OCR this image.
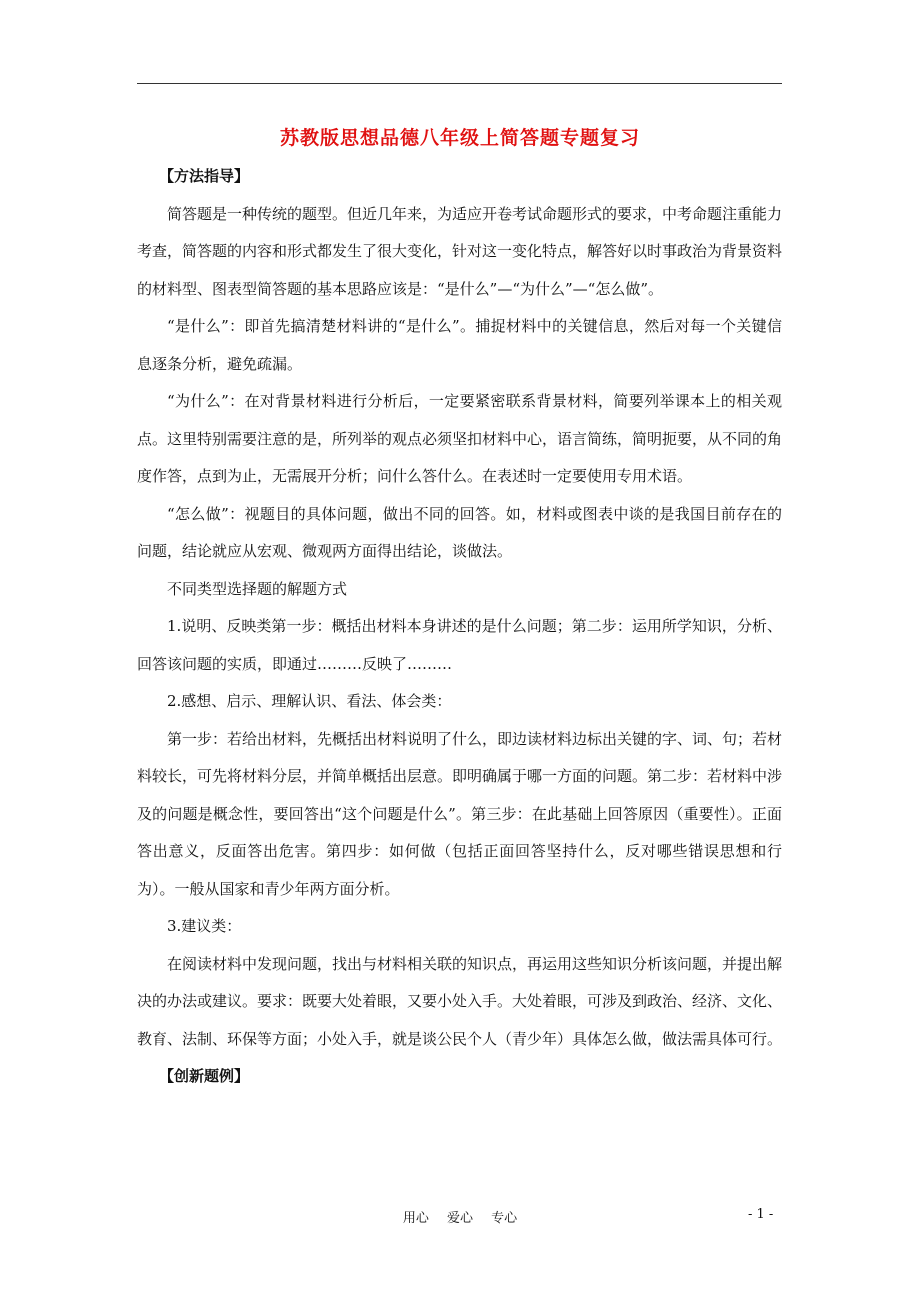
苏教版思想品德八年级上简答题专题复习

【方法指导】

简答题是一种传统的题型。但近几年来，为适应开卷考试命题形式的要求，中考命题注重能力考查，简答题的内容和形式都发生了很大变化，针对这一变化特点，解答好以时事政治为背景资料的材料型、图表型简答题的基本思路应该是：“是什么”—“为什么”—“怎么做”。

“是什么”：即首先搞清楚材料讲的“是什么”。捕捉材料中的关键信息，然后对每一个关键信息逐条分析，避免疏漏。

“为什么”：在对背景材料进行分析后，一定要紧密联系背景材料，简要列举课本上的相关观点。这里特别需要注意的是，所列举的观点必须坚扣材料中心，语言简练，简明扼要，从不同的角度作答，点到为止，无需展开分析；问什么答什么。在表述时一定要使用专用术语。

“怎么做”：视题目的具体问题，做出不同的回答。如，材料或图表中谈的是我国目前存在的问题，结论就应从宏观、微观两方面得出结论，谈做法。

不同类型选择题的解题方式

1.说明、反映类第一步：概括出材料本身讲述的是什么问题；第二步：运用所学知识，分析、回答该问题的实质，即通过………反映了………

2.感想、启示、理解认识、看法、体会类：

第一步：若给出材料，先概括出材料说明了什么，即边读材料边标出关键的字、词、句；若材料较长，可先将材料分层，并简单概括出层意。即明确属于哪一方面的问题。第二步：若材料中涉及的问题是概念性，要回答出“这个问题是什么”。第三步：在此基础上回答原因（重要性）。正面答出意义，反面答出危害。第四步：如何做（包括正面回答坚持什么，反对哪些错误思想和行为）。一般从国家和青少年两方面分析。

3.建议类：

在阅读材料中发现问题，找出与材料相关联的知识点，再运用这些知识分析该问题，并提出解决的办法或建议。要求：既要大处着眼，又要小处入手。大处着眼，可涉及到政治、经济、文化、教育、法制、环保等方面；小处入手，就是谈公民个人（青少年）具体怎么做，做法需具体可行。

【创新题例】

用心 爱心 专心	- 1 -
